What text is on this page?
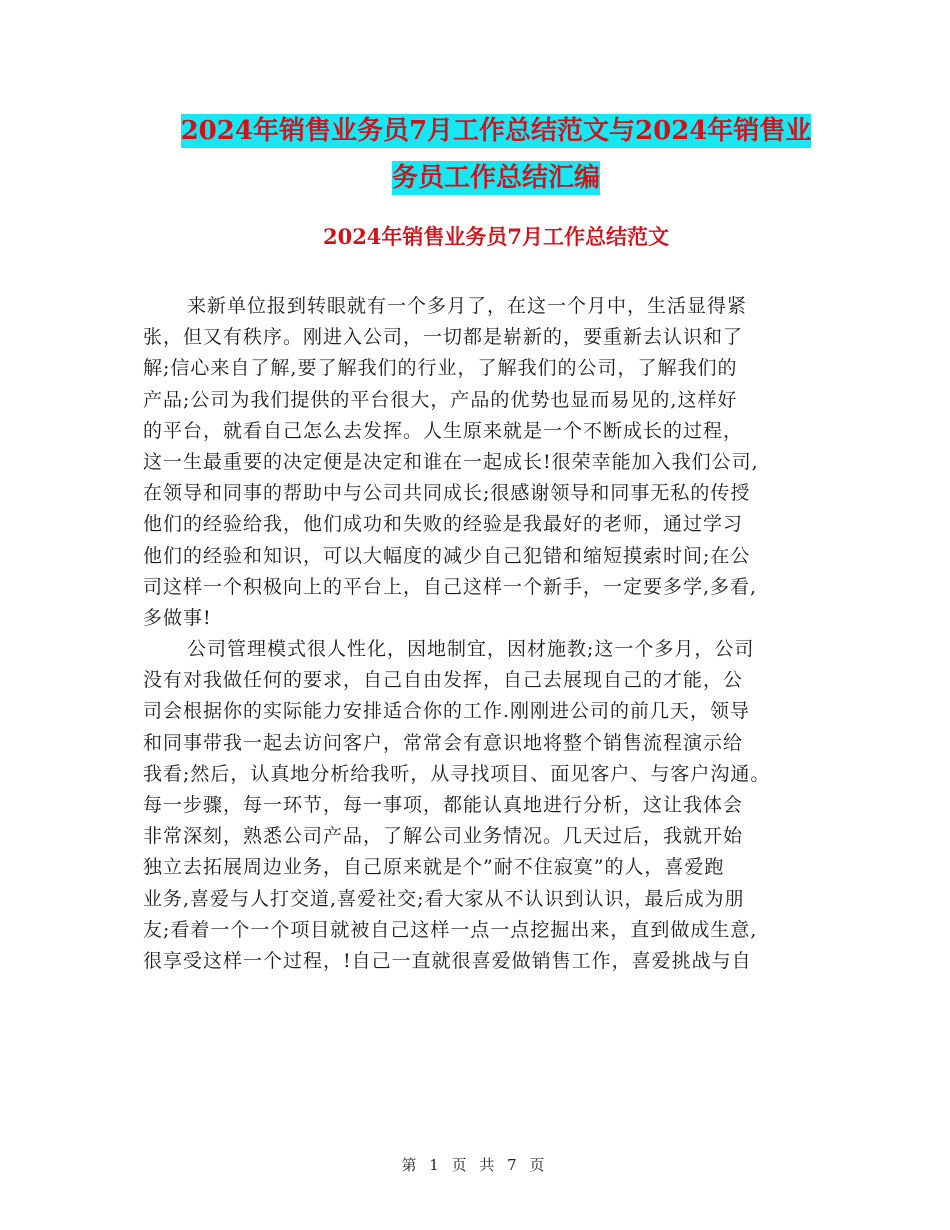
2024年销售业务员7月工作总结范文与2024年销售业
务员工作总结汇编
2024年销售业务员7月工作总结范文
来新单位报到转眼就有一个多月了，在这一个月中，生活显得紧
张，但又有秩序。刚进入公司，一切都是崭新的，要重新去认识和了
解;信心来自了解,要了解我们的行业，了解我们的公司，了解我们的
产品;公司为我们提供的平台很大，产品的优势也显而易见的,这样好
的平台，就看自己怎么去发挥。人生原来就是一个不断成长的过程，
这一生最重要的决定便是决定和谁在一起成长!很荣幸能加入我们公司,
在领导和同事的帮助中与公司共同成长;很感谢领导和同事无私的传授
他们的经验给我，他们成功和失败的经验是我最好的老师，通过学习
他们的经验和知识，可以大幅度的减少自己犯错和缩短摸索时间;在公
司这样一个积极向上的平台上，自己这样一个新手，一定要多学,多看,
多做事!
公司管理模式很人性化，因地制宜，因材施教;这一个多月，公司
没有对我做任何的要求，自己自由发挥，自己去展现自己的才能，公
司会根据你的实际能力安排适合你的工作.刚刚进公司的前几天，领导
和同事带我一起去访问客户，常常会有意识地将整个销售流程演示给
我看;然后，认真地分析给我听，从寻找项目、面见客户、与客户沟通。
每一步骤，每一环节，每一事项，都能认真地进行分析，这让我体会
非常深刻，熟悉公司产品，了解公司业务情况。几天过后，我就开始
独立去拓展周边业务，自己原来就是个”耐不住寂寞”的人，喜爱跑
业务,喜爱与人打交道,喜爱社交;看大家从不认识到认识，最后成为朋
友;看着一个一个项目就被自己这样一点一点挖掘出来，直到做成生意,
很享受这样一个过程，!自己一直就很喜爱做销售工作，喜爱挑战与自
第 1 页 共 7 页
